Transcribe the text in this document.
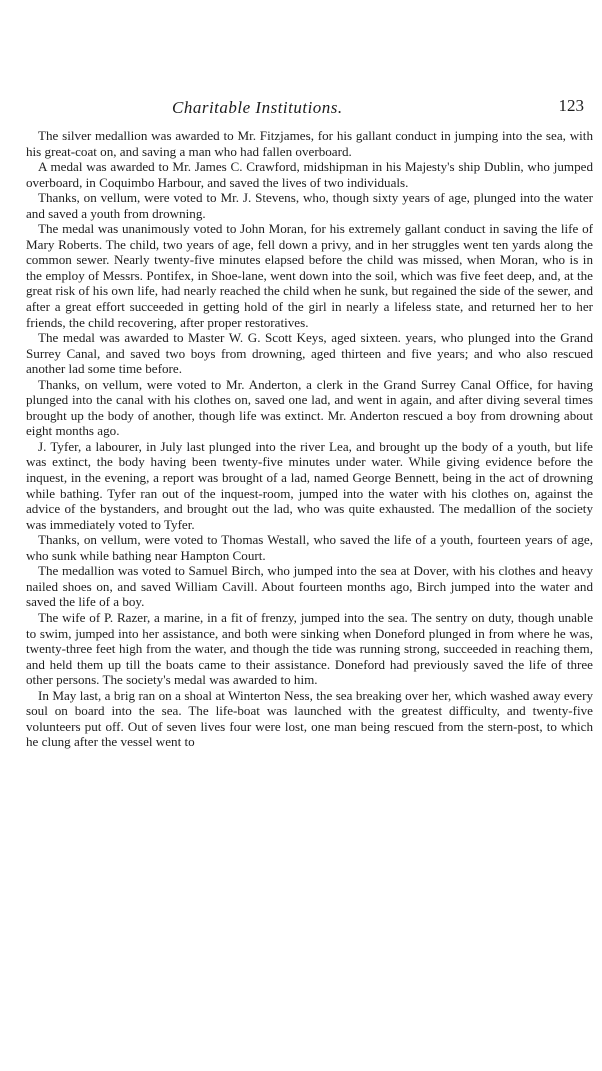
Charitable Institutions.	123

The silver medallion was awarded to Mr. Fitzjames, for his gallant conduct in jumping into the sea, with his great-coat on, and saving a man who had fallen overboard.

A medal was awarded to Mr. James C. Crawford, midshipman in his Majesty's ship Dublin, who jumped overboard, in Coquimbo Harbour, and saved the lives of two individuals.

Thanks, on vellum, were voted to Mr. J. Stevens, who, though sixty years of age, plunged into the water and saved a youth from drowning.

The medal was unanimously voted to John Moran, for his extremely gallant conduct in saving the life of Mary Roberts. The child, two years of age, fell down a privy, and in her struggles went ten yards along the common sewer. Nearly twenty-five minutes elapsed before the child was missed, when Moran, who is in the employ of Messrs. Pontifex, in Shoe-lane, went down into the soil, which was five feet deep, and, at the great risk of his own life, had nearly reached the child when he sunk, but regained the side of the sewer, and after a great effort succeeded in getting hold of the girl in nearly a lifeless state, and returned her to her friends, the child recovering, after proper restoratives.

The medal was awarded to Master W. G. Scott Keys, aged sixteen. years, who plunged into the Grand Surrey Canal, and saved two boys from drowning, aged thirteen and five years; and who also rescued another lad some time before.

Thanks, on vellum, were voted to Mr. Anderton, a clerk in the Grand Surrey Canal Office, for having plunged into the canal with his clothes on, saved one lad, and went in again, and after diving several times brought up the body of another, though life was extinct. Mr. Anderton rescued a boy from drowning about eight months ago.

J. Tyfer, a labourer, in July last plunged into the river Lea, and brought up the body of a youth, but life was extinct, the body having been twenty-five minutes under water. While giving evidence before the inquest, in the evening, a report was brought of a lad, named George Bennett, being in the act of drowning while bathing. Tyfer ran out of the inquest-room, jumped into the water with his clothes on, against the advice of the bystanders, and brought out the lad, who was quite exhausted. The medallion of the society was immediately voted to Tyfer.

Thanks, on vellum, were voted to Thomas Westall, who saved the life of a youth, fourteen years of age, who sunk while bathing near Hampton Court.

The medallion was voted to Samuel Birch, who jumped into the sea at Dover, with his clothes and heavy nailed shoes on, and saved William Cavill. About fourteen months ago, Birch jumped into the water and saved the life of a boy.

The wife of P. Razer, a marine, in a fit of frenzy, jumped into the sea. The sentry on duty, though unable to swim, jumped into her assistance, and both were sinking when Doneford plunged in from where he was, twenty-three feet high from the water, and though the tide was running strong, succeeded in reaching them, and held them up till the boats came to their assistance. Doneford had previously saved the life of three other persons. The society's medal was awarded to him.

In May last, a brig ran on a shoal at Winterton Ness, the sea breaking over her, which washed away every soul on board into the sea. The life-boat was launched with the greatest difficulty, and twenty-five volunteers put off. Out of seven lives four were lost, one man being rescued from the stern-post, to which he clung after the vessel went to
